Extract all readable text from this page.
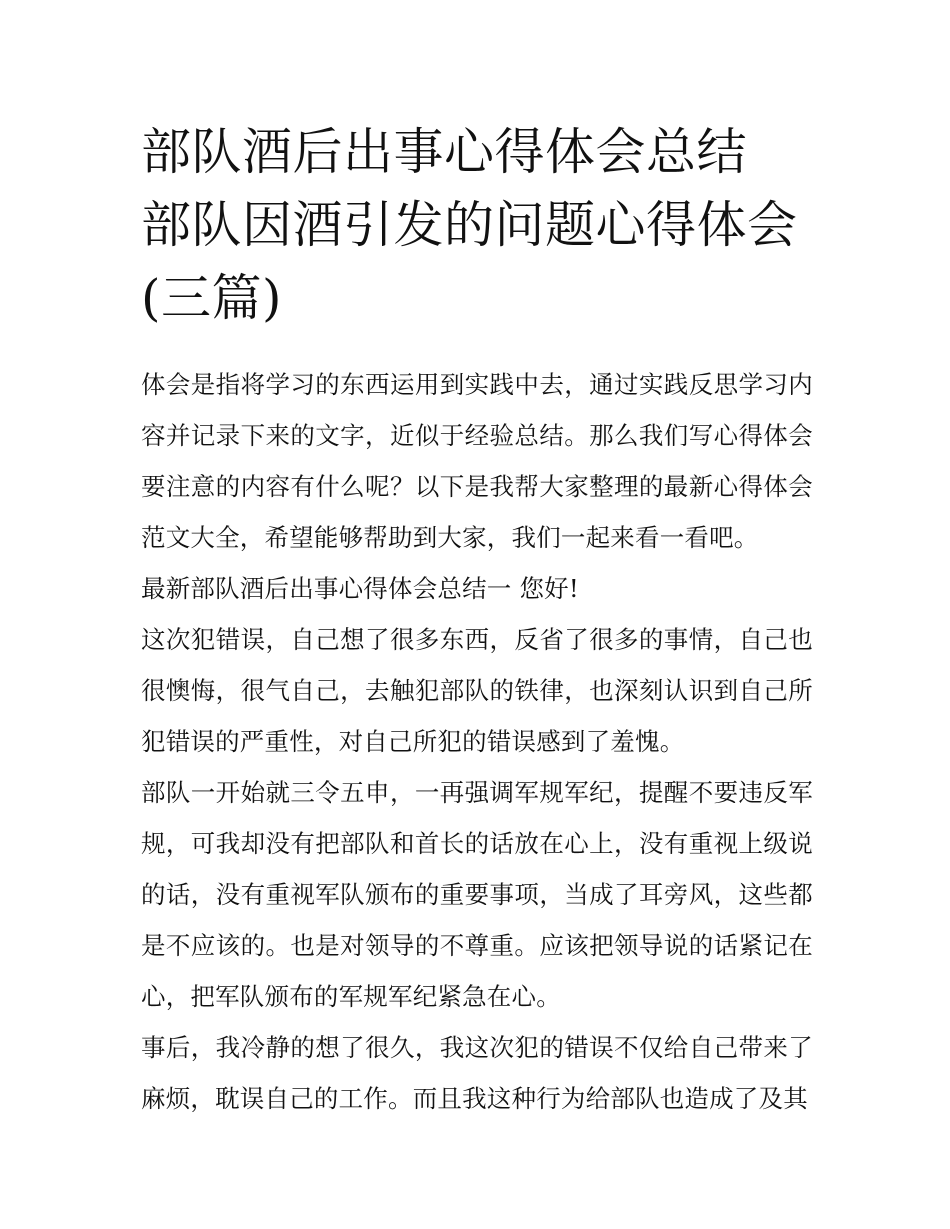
部队酒后出事心得体会总结 部队因酒引发的问题心得体会(三篇)

体会是指将学习的东西运用到实践中去，通过实践反思学习内容并记录下来的文字，近似于经验总结。那么我们写心得体会要注意的内容有什么呢？以下是我帮大家整理的最新心得体会范文大全，希望能够帮助到大家，我们一起来看一看吧。

最新部队酒后出事心得体会总结一 您好!

这次犯错误，自己想了很多东西，反省了很多的事情，自己也很懊悔，很气自己，去触犯部队的铁律，也深刻认识到自己所犯错误的严重性，对自己所犯的错误感到了羞愧。

部队一开始就三令五申，一再强调军规军纪，提醒不要违反军规，可我却没有把部队和首长的话放在心上，没有重视上级说的话，没有重视军队颁布的重要事项，当成了耳旁风，这些都是不应该的。也是对领导的不尊重。应该把领导说的话紧记在心，把军队颁布的军规军纪紧急在心。

事后，我冷静的想了很久，我这次犯的错误不仅给自己带来了麻烦，耽误自己的工作。而且我这种行为给部队也造成了及其
